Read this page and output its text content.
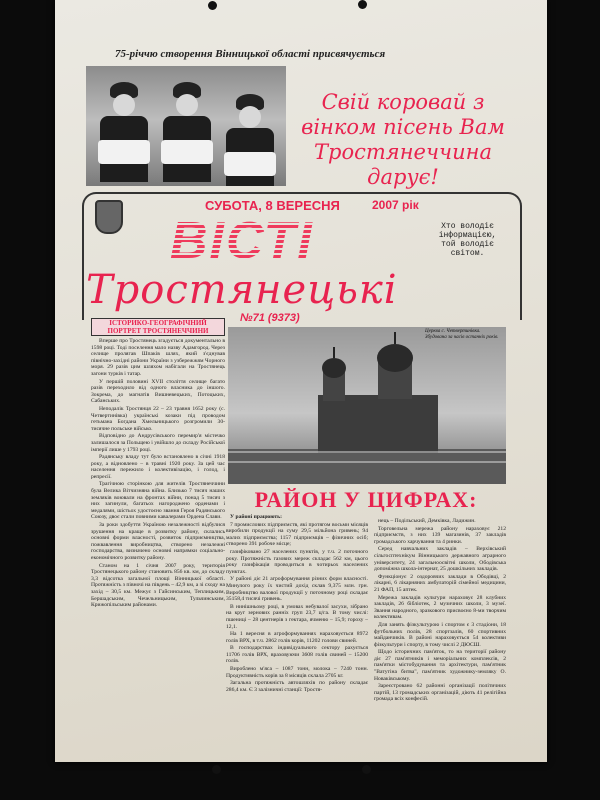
75-річчю створення Вінницької області присвячується
Свій коровай з
вінком пісень Вам
Тростянеччина
дарує!
ВІСТІ
СУБОТА, 8 ВЕРЕСНЯ	2007 рік
Хто володіє
інформацією,
той володіє
світом.
Тростянецькі
№71 (9373)
ІСТОРИКО-ГЕОГРАФІЧНИЙ ПОРТРЕТ ТРОСТЯНЕЧЧИНИ

Вперше про Тростянець згадується документально в 1598 році. Тоді поселення мало назву Адамгород. Через селище пролягав Шпаків шлях, який з'єднував північно-західні райони України з узбережжям Чорного моря. 29 разів цим шляхом набігали на Тростянець загони турків і татар.

У першій половині XVII століття селище багато разів переходило від одного власника до іншого. Зокрема, до магнатів Вишневецьких, Потоцьких, Сабанських.

Неподалік Тростянця 22 – 23 травня 1652 року (с. Четвертинівка) українські козаки під проводом гетьмана Богдана Хмельницького розгромили 30-тисячне польське військо.

Відповідно до Андрусівського перемир'я містечко залишалося за Польщею і увійшло до складу Російської імперії лише у 1793 році.

Радянську владу тут було встановлено в січні 1918 року, а відновлено – в травні 1920 року. За цей час населення пережило і колективізацію, і голод, і репресії.

Трагічною сторінкою для жителів Тростянеччини була Велика Вітчизняна війна. Близько 7 тисяч наших земляків воювали на фронтах війни, понад 5 тисяч з них загинули, багатьох нагороджено орденами і медалями, шістьох удостоєно звання Героя Радянського Союзу, двоє стали повними кавалерами Ордена Слави.

За роки здобуття Україною незалежності відбулися зрушення на краще в розвитку району, склались основні форми власності, розвиток підприємництва, пожвавлення виробництва, створено незалежні господарства, визначено основні напрямки соціально-економічного розвитку району.

Станом на 1 січня 2007 року, територія Тростянецького району становить 856 кв. км, до складу 3,3 відсотка загальної площі Вінницької області. Протяжність з півночі на південь – 42,9 км, а зі сходу на захід – 30,5 км. Межує з Гайсинським, Теплицьким, Бершадським, Чечельницьким, Тульчинським, Крижопільським районами.

Церква с. Четвертинівка. Збудована за часів останніх років.
РАЙОН У ЦИФРАХ:

У районі працюють:

7 промислових підприємств, які протягом восьми місяців виробили продукції на суму 29,5 мільйона гривень; 94 малих підприємства; 1157 підприємців – фізичних осіб; створено 391 робоче місце;

газифіковано 27 населених пунктів, у т.ч. 2 поточного року. Протяжність газових мереж складає 562 км, цього року газифікація проводиться в чотирьох населених пунктах.

У районі діє 21 агроформування різних форм власності. Минулого року їх чистий дохід склав 9,375 млн. грн. Виробництво валової продукції у поточному році складає 35158,4 тисячі гривень.

В нинішньому році, в умовах небувалої засухи, зібрано на круг зернових ранніх груп 23,7 ц/га. В тому числі: пшениці – 28 центнерів з гектара, ячменю – 15,9; гороху – 12,1.

На 1 вересня в агроформуваннях нараховується 8972 голів ВРХ, в т.ч. 2862 голів корів, 11202 голови свиней.

В господарствах індивідуального сектору рахується 11706 голів ВРХ, враховуючи 3608 голів свиней – 15200 голів.

Вироблено м'яса – 1087 тонн, молока – 7240 тонн. Продуктивність корів за 8 місяців склала 2705 кг.

Загальна протяжність автошляхів по району складає 286,4 км. Є 3 залізничні станції: Тростя-

нець – Подільський, Демківка, Ладижин.

Торговельна мережа району нараховує 212 підприємств, з них 139 магазинів, 37 закладів громадського харчування та 4 ринки.

Серед навчальних закладів – Верхівський сільгосптехнікум Вінницького державного аграрного університету, 24 загальноосвітні школи, Ободівська допоміжна школа-інтернат, 25 дошкільних закладів.

Функціонує 2 оздоровчих заклади в Ободівці, 2 лікарні, 6 лікарняних амбулаторій сімейної медицини, 21 ФАП, 15 аптек.

Мережа закладів культури нараховує 28 клубних закладів, 26 бібліотек, 2 музичних школи, 3 музеї. Звання народного, зразкового присвоєно 8-ми творчим колективам.

Для занять фізкультурою і спортом є 3 стадіони, 18 футбольних полів, 28 спортзалів, 60 спортивних майданчиків. В районі нараховується 54 колективи фізкультури і спорту, в тому числі 2 ДЮСШ.

Щодо історичних пам'яток, то на території району діє 27 пам'ятників і меморіальних комплексів, 2 пам'ятки містобудування та архітектури, пам'ятник "Ватутіна битва", пам'ятник художнику-земляку О. Новаківському.

Зареєстровано 62 районні організації політичних партій, 13 громадських організацій, діють 41 релігійна громада всіх конфесій.
